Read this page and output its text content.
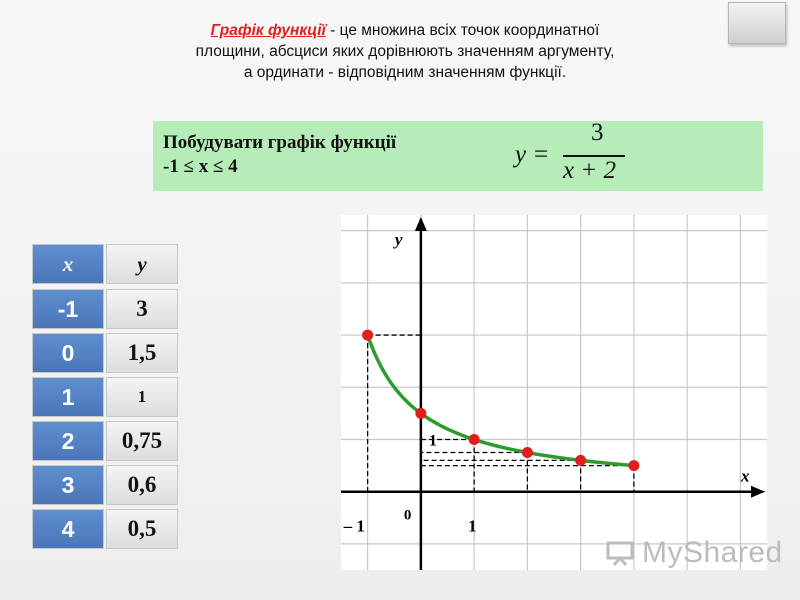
Графік функції - це множина всіх точок координатної площини, абсциси яких дорівнюють значенням аргументу, а ординати - відповідним значенням функції.
Побудувати графік функції
-1 ≤ x ≤ 4	y =
3
x + 2
x	y
-1	3
0	1,5
1	1
2	0,75
3	0,6
4	0,5
x
y
0
1
– 1
1
MyShared
